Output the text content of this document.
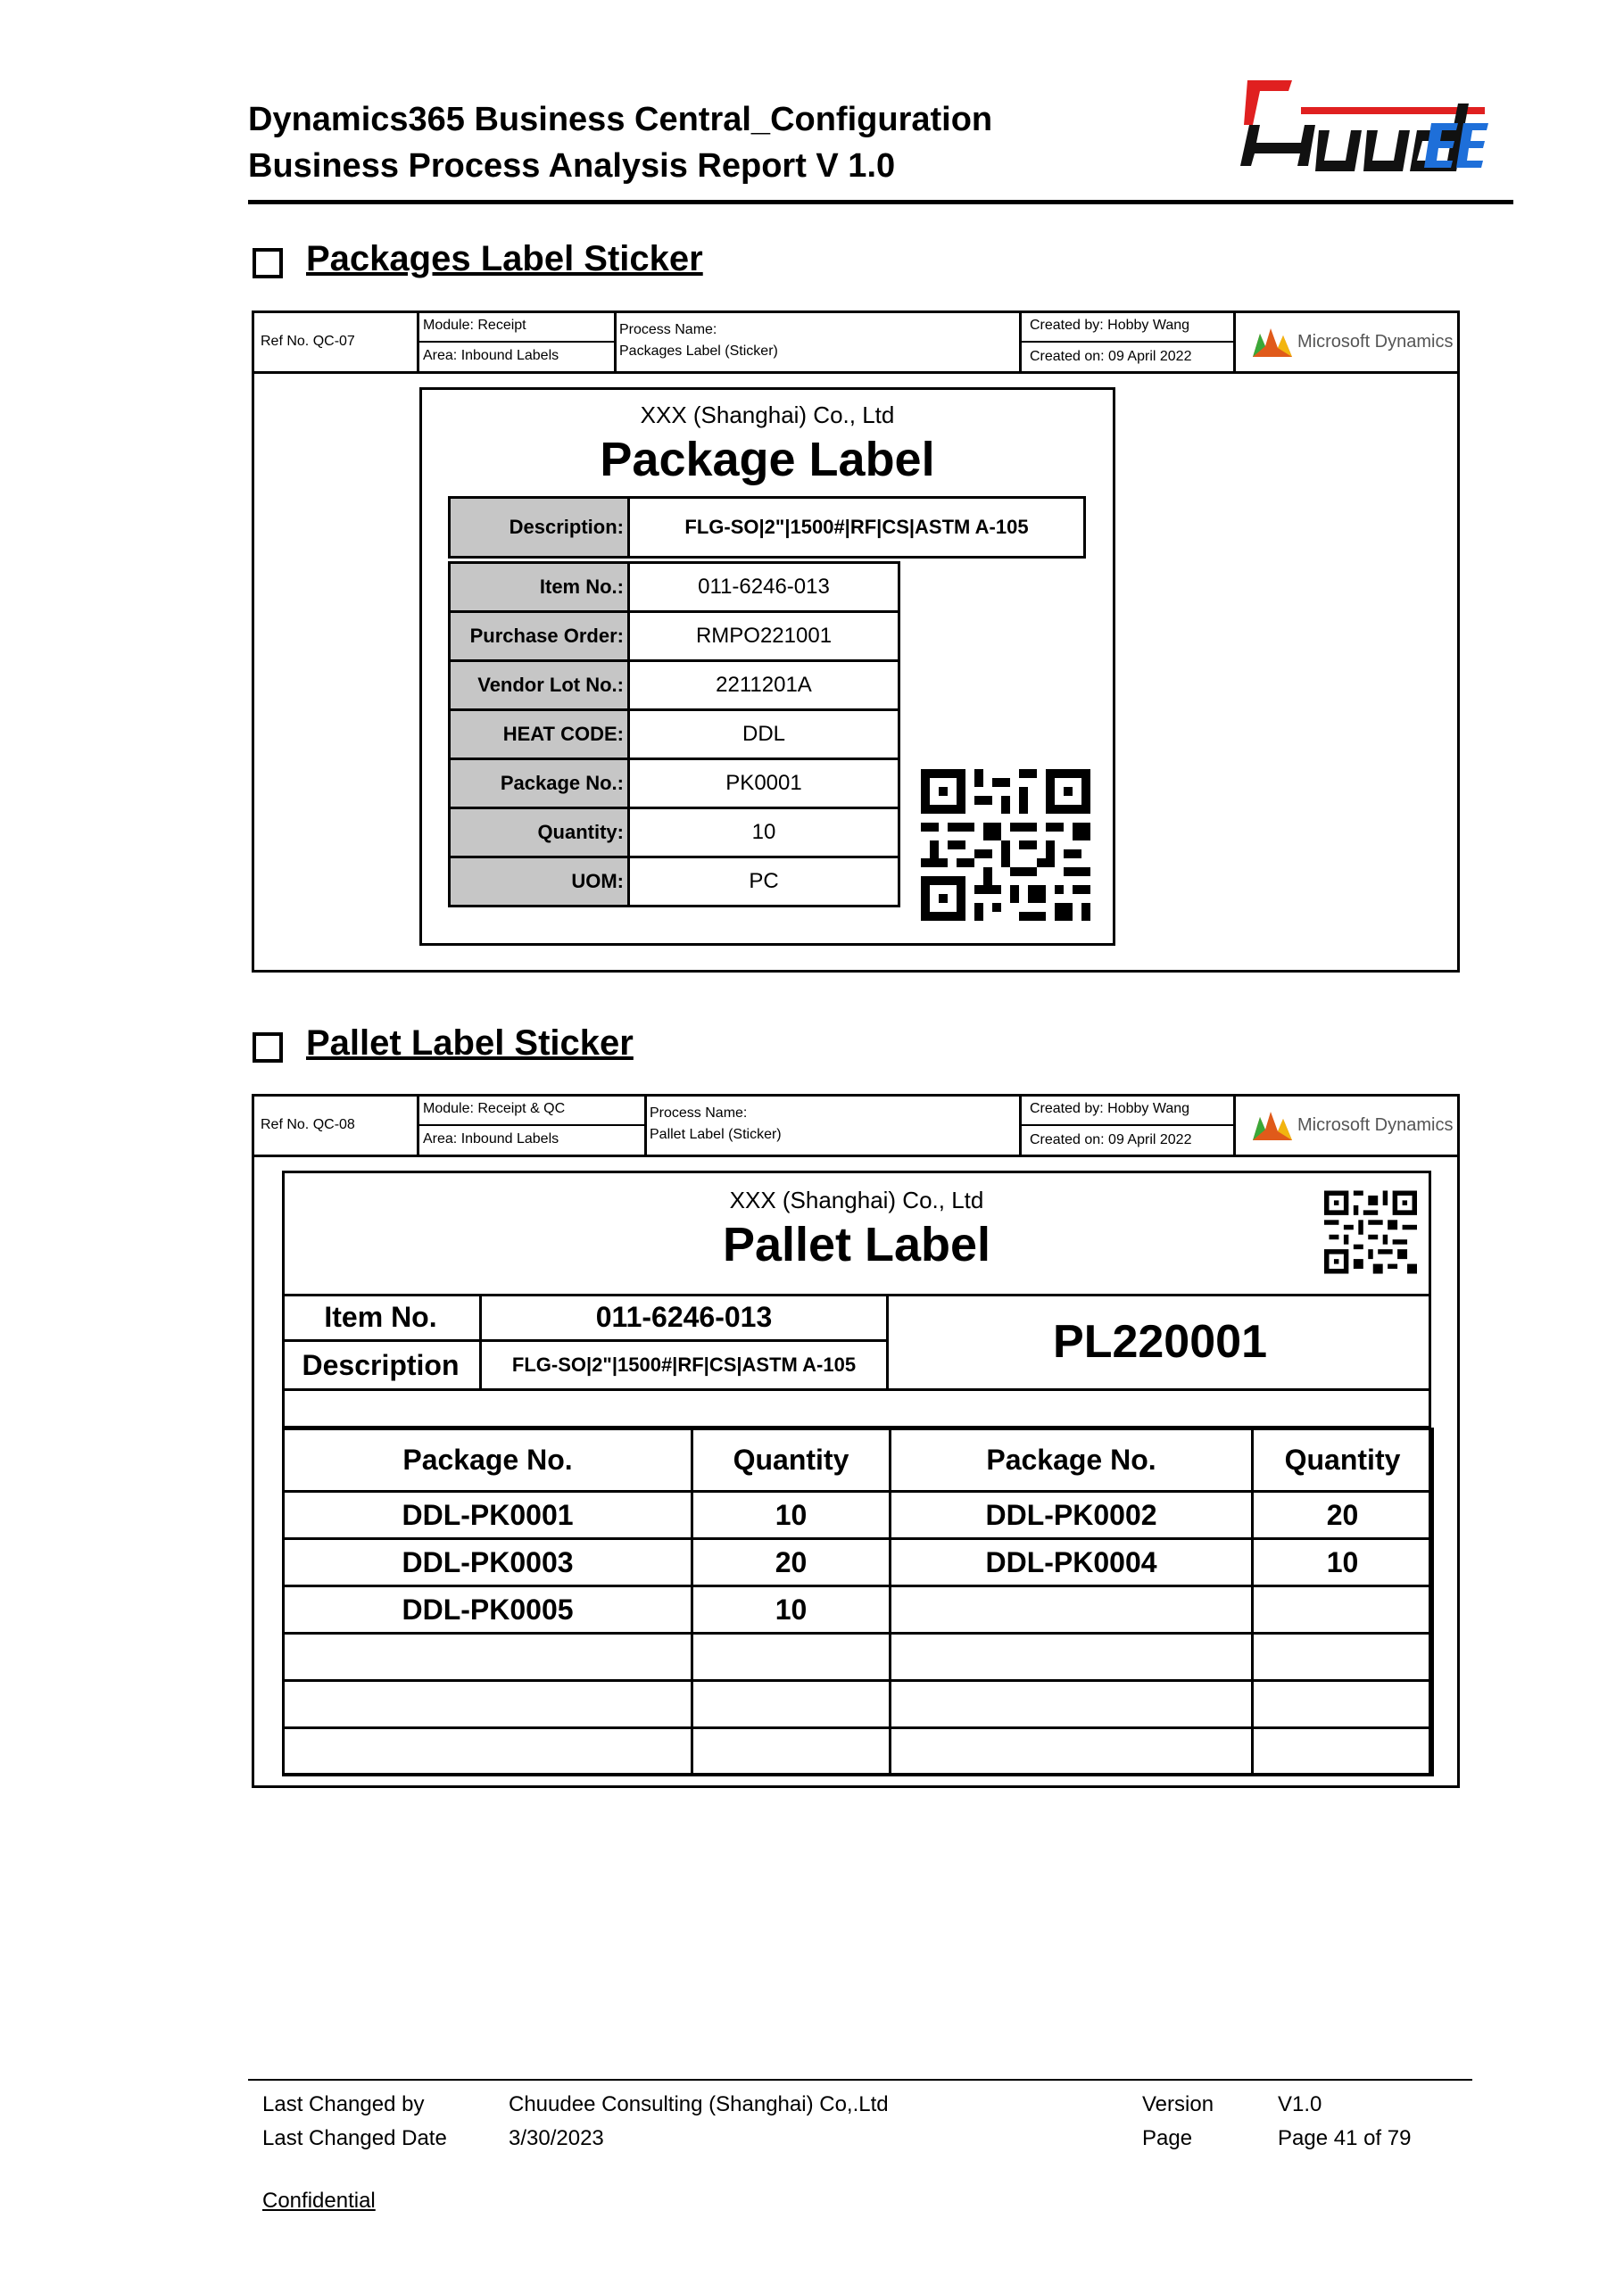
Dynamics365 Business Central_Configuration
Business Process Analysis Report V 1.0
Chuudee
Packages Label Sticker
Ref No. QC-07
Module: Receipt
Area: Inbound Labels
Process Name:
Packages Label (Sticker)
Created by: Hobby Wang
Created on: 09 April 2022
Microsoft Dynamics
XXX (Shanghai) Co., Ltd
Package Label
Description:	FLG-SO|2"|1500#|RF|CS|ASTM A-105
Item No.:	011-6246-013
Purchase Order:	RMPO221001
Vendor Lot No.:	2211201A
HEAT CODE:	DDL
Package No.:	PK0001
Quantity:	10
UOM:	PC
Pallet Label Sticker
Ref No. QC-08
Module: Receipt & QC
Area: Inbound Labels
Process Name:
Pallet Label (Sticker)
Created by: Hobby Wang
Created on: 09 April 2022
Microsoft Dynamics
XXX (Shanghai) Co., Ltd
Pallet Label
Item No.	011-6246-013
Description	FLG-SO|2"|1500#|RF|CS|ASTM A-105	PL220001
Package No.	Quantity	Package No.	Quantity
DDL-PK0001	10	DDL-PK0002	20
DDL-PK0003	20	DDL-PK0004	10
DDL-PK0005	10		

Last Changed by	Chuudee Consulting (Shanghai) Co,.Ltd	Version	V1.0
Last Changed Date	3/30/2023	Page	Page 41 of 79
Confidential
